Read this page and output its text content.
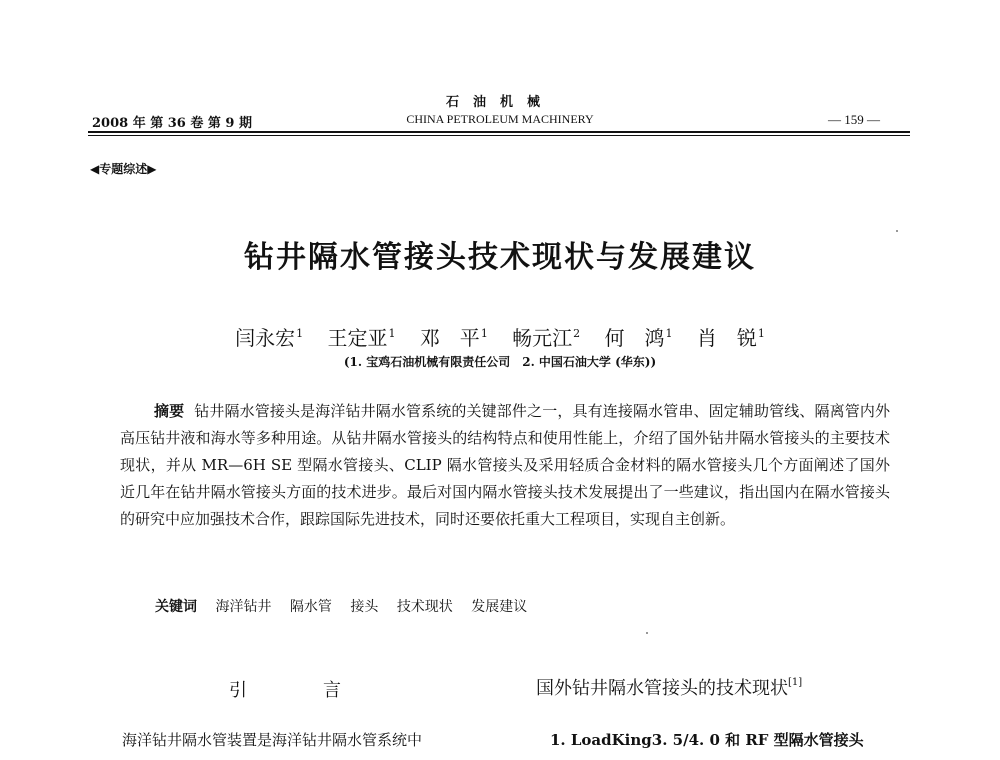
石油机械
2008 年 第 36 卷 第 9 期	CHINA PETROLEUM MACHINERY	— 159 —
◀专题综述▶
钻井隔水管接头技术现状与发展建议
闫永宏$^1$ 王定亚$^1$ 邓　平$^1$ 畅元江$^2$ 何　鸿$^1$ 肖　锐$^1$
(1. 宝鸡石油机械有限责任公司　2. 中国石油大学 (华东))

摘要 钻井隔水管接头是海洋钻井隔水管系统的关键部件之一，具有连接隔水管串、固定辅助管线、隔离管内外高压钻井液和海水等多种用途。从钻井隔水管接头的结构特点和使用性能上，介绍了国外钻井隔水管接头的主要技术现状，并从 MR—6H SE 型隔水管接头、CLIP 隔水管接头及采用轻质合金材料的隔水管接头几个方面阐述了国外近几年在钻井隔水管接头方面的技术进步。最后对国内隔水管接头技术发展提出了一些建议，指出国内在隔水管接头的研究中应加强技术合作，跟踪国际先进技术，同时还要依托重大工程项目，实现自主创新。

关键词 海洋钻井 隔水管 接头 技术现状 发展建议
引言	国外钻井隔水管接头的技术现状[1]
海洋钻井隔水管装置是海洋钻井隔水管系统中	1. LoadKing3. 5/4. 0 和 RF 型隔水管接头
